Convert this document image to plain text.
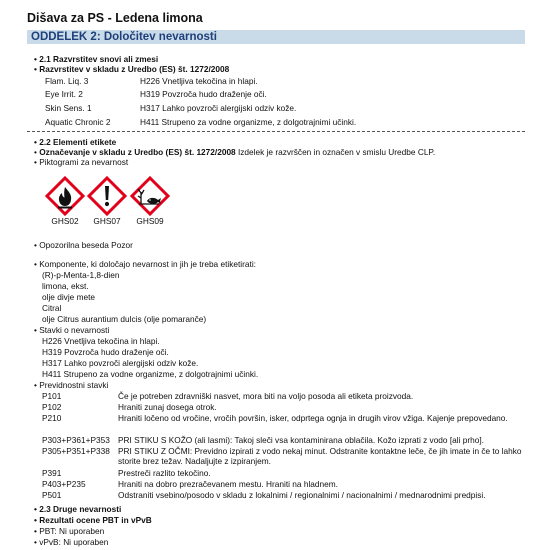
Dišava za PS - Ledena limona
ODDELEK 2: Določitev nevarnosti
• 2.1 Razvrstitev snovi ali zmesi
• Razvrstitev v skladu z Uredbo (ES) št. 1272/2008
Flam. Liq. 3	H226 Vnetljiva tekočina in hlapi.
Eye Irrit. 2	H319 Povzroča hudo draženje oči.
Skin Sens. 1	H317 Lahko povzroči alergijski odziv kože.
Aquatic Chronic 2	H411 Strupeno za vodne organizme, z dolgotrajnimi učinki.
• 2.2 Elementi etikete
• Označevanje v skladu z Uredbo (ES) št. 1272/2008 Izdelek je razvrščen in označen v smislu Uredbe CLP.
• Piktogrami za nevarnost
GHS02	GHS07	GHS09
• Opozorilna beseda Pozor
• Komponente, ki določajo nevarnost in jih je treba etiketirati:
(R)-p-Menta-1,8-dien
limona, ekst.
olje divje mete
Citral
olje Citrus aurantium dulcis (olje pomaranče)
• Stavki o nevarnosti
H226 Vnetljiva tekočina in hlapi.
H319 Povzroča hudo draženje oči.
H317 Lahko povzroči alergijski odziv kože.
H411 Strupeno za vodne organizme, z dolgotrajnimi učinki.
• Previdnostni stavki
P101	Če je potreben zdravniški nasvet, mora biti na voljo posoda ali etiketa proizvoda.
P102	Hraniti zunaj dosega otrok.
P210	Hraniti ločeno od vročine, vročih površin, isker, odprtega ognja in drugih virov vžiga. Kajenje prepovedano.
P303+P361+P353 PRI STIKU S KOŽO (ali lasmi): Takoj sleči vsa kontaminirana oblačila. Kožo izprati z vodo [ali prho].
P305+P351+P338 PRI STIKU Z OČMI: Previdno izpirati z vodo nekaj minut. Odstranite kontaktne leče, če jih imate in če to lahko storite brez težav. Nadaljujte z izpiranjem.
P391	Prestreči razlito tekočino.
P403+P235	Hraniti na dobro prezračevanem mestu. Hraniti na hladnem.
P501	Odstraniti vsebino/posodo v skladu z lokalnimi / regionalnimi / nacionalnimi / mednarodnimi predpisi.
• 2.3 Druge nevarnosti
• Rezultati ocene PBT in vPvB
• PBT: Ni uporaben
• vPvB: Ni uporaben
